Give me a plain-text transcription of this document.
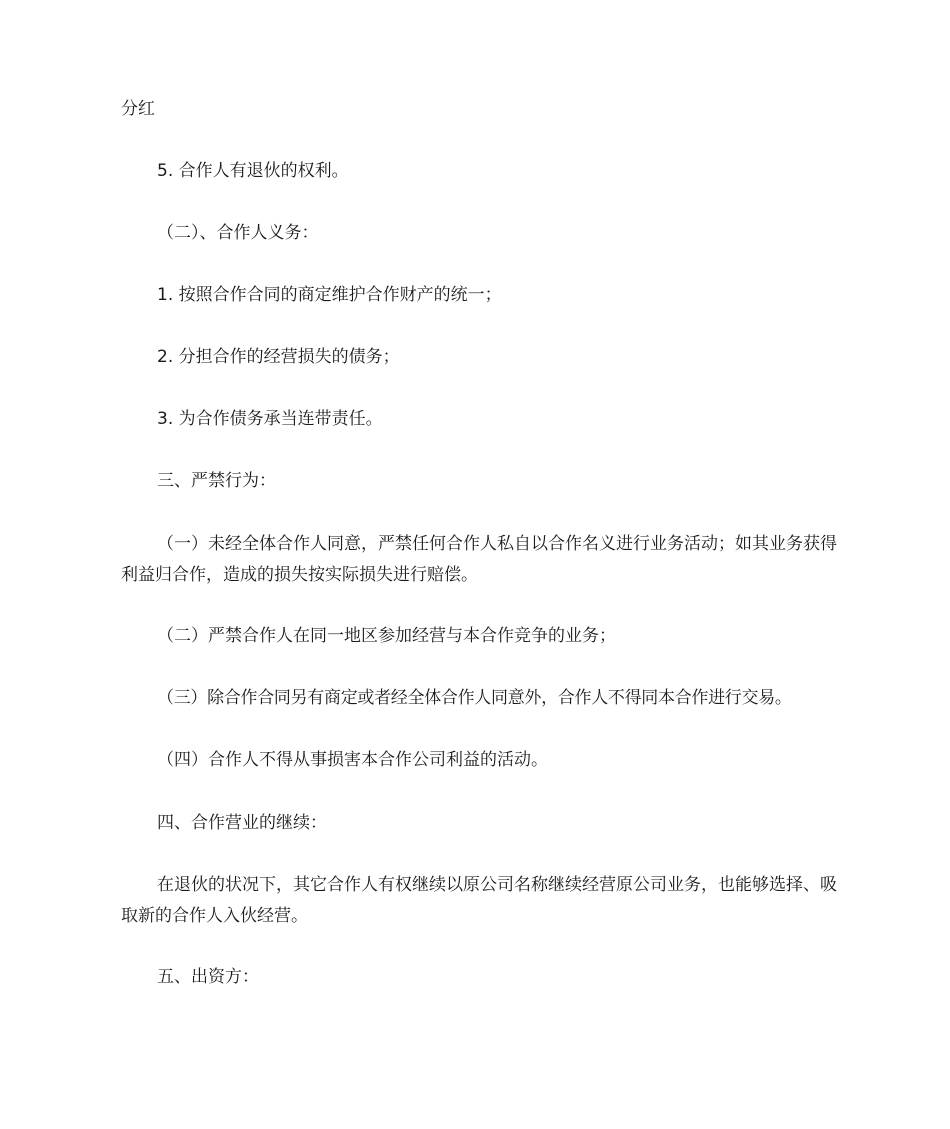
分红

5. 合作人有退伙的权利。

（二）、合作人义务：

1. 按照合作合同的商定维护合作财产的统一；

2. 分担合作的经营损失的债务；

3. 为合作债务承当连带责任。

三、严禁行为：

（一）未经全体合作人同意，严禁任何合作人私自以合作名义进行业务活动；如其业务获得利益归合作，造成的损失按实际损失进行赔偿。

（二）严禁合作人在同一地区参加经营与本合作竞争的业务；

（三）除合作合同另有商定或者经全体合作人同意外，合作人不得同本合作进行交易。

（四）合作人不得从事损害本合作公司利益的活动。

四、合作营业的继续：

在退伙的状况下，其它合作人有权继续以原公司名称继续经营原公司业务，也能够选择、吸取新的合作人入伙经营。

五、出资方：
